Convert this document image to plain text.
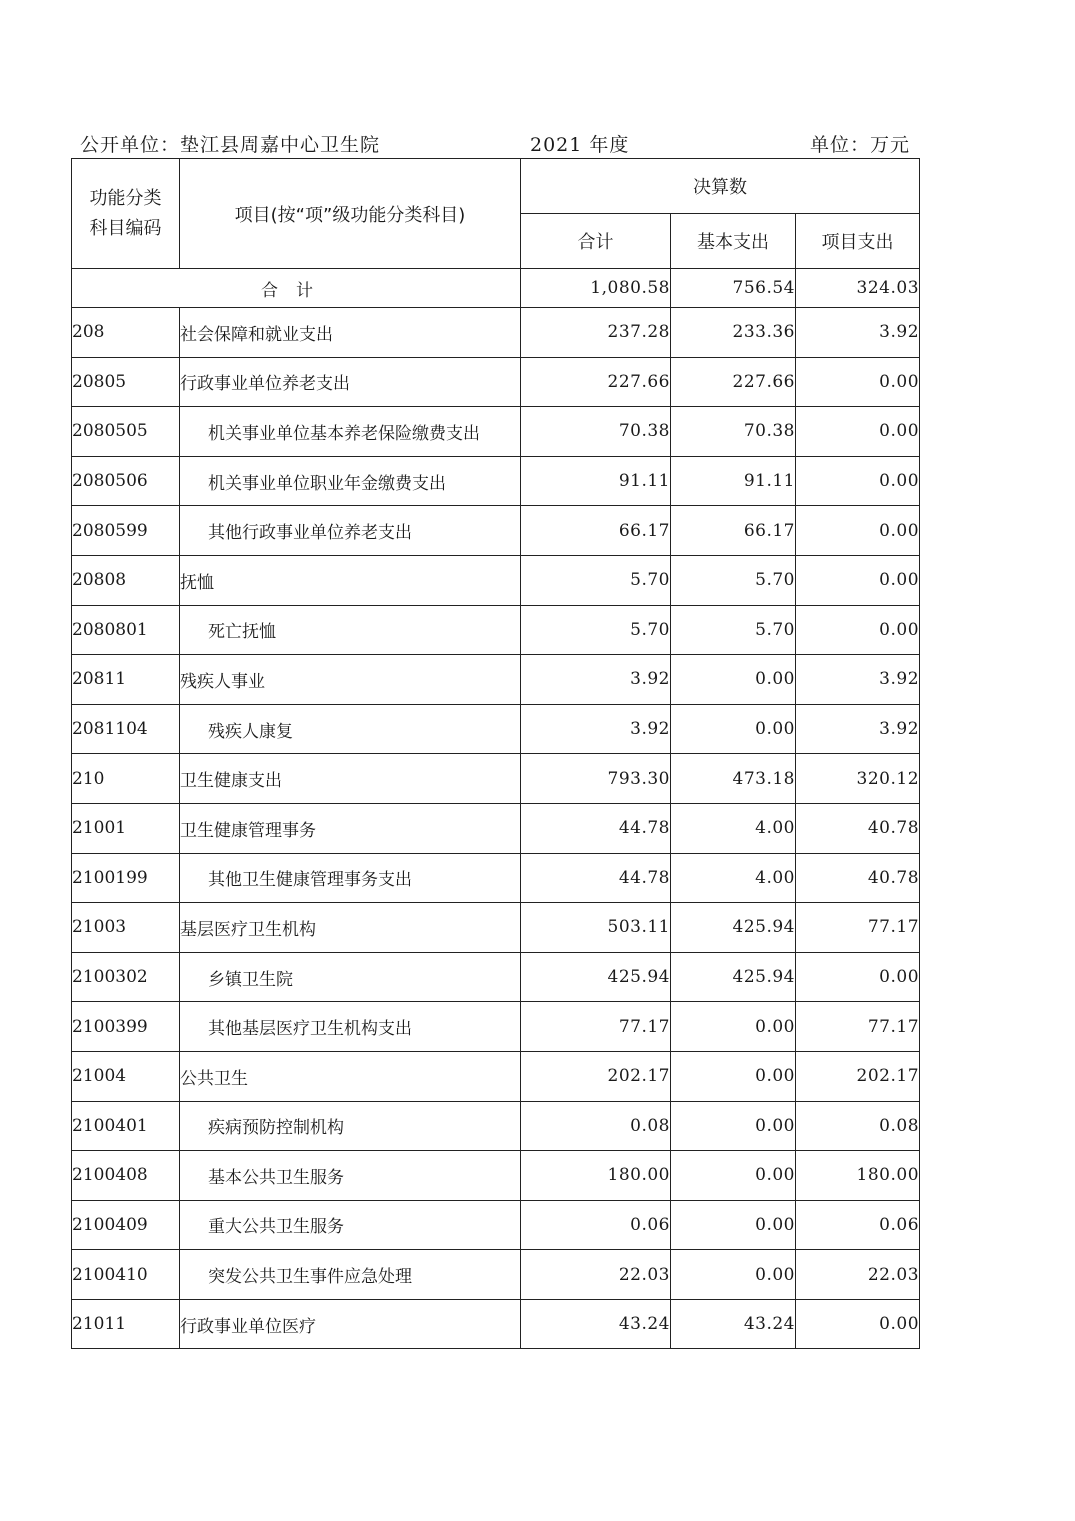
公开单位：垫江县周嘉中心卫生院	2021 年度	单位：万元
功能分类
科目编码	项目(按“项”级功能分类科目)	决算数		
		合计	基本支出	项目支出
合计		1,080.58	756.54	324.03
208	社会保障和就业支出	237.28	233.36	3.92
20805	行政事业单位养老支出	227.66	227.66	0.00
2080505	机关事业单位基本养老保险缴费支出	70.38	70.38	0.00
2080506	机关事业单位职业年金缴费支出	91.11	91.11	0.00
2080599	其他行政事业单位养老支出	66.17	66.17	0.00
20808	抚恤	5.70	5.70	0.00
2080801	死亡抚恤	5.70	5.70	0.00
20811	残疾人事业	3.92	0.00	3.92
2081104	残疾人康复	3.92	0.00	3.92
210	卫生健康支出	793.30	473.18	320.12
21001	卫生健康管理事务	44.78	4.00	40.78
2100199	其他卫生健康管理事务支出	44.78	4.00	40.78
21003	基层医疗卫生机构	503.11	425.94	77.17
2100302	乡镇卫生院	425.94	425.94	0.00
2100399	其他基层医疗卫生机构支出	77.17	0.00	77.17
21004	公共卫生	202.17	0.00	202.17
2100401	疾病预防控制机构	0.08	0.00	0.08
2100408	基本公共卫生服务	180.00	0.00	180.00
2100409	重大公共卫生服务	0.06	0.00	0.06
2100410	突发公共卫生事件应急处理	22.03	0.00	22.03
21011	行政事业单位医疗	43.24	43.24	0.00
